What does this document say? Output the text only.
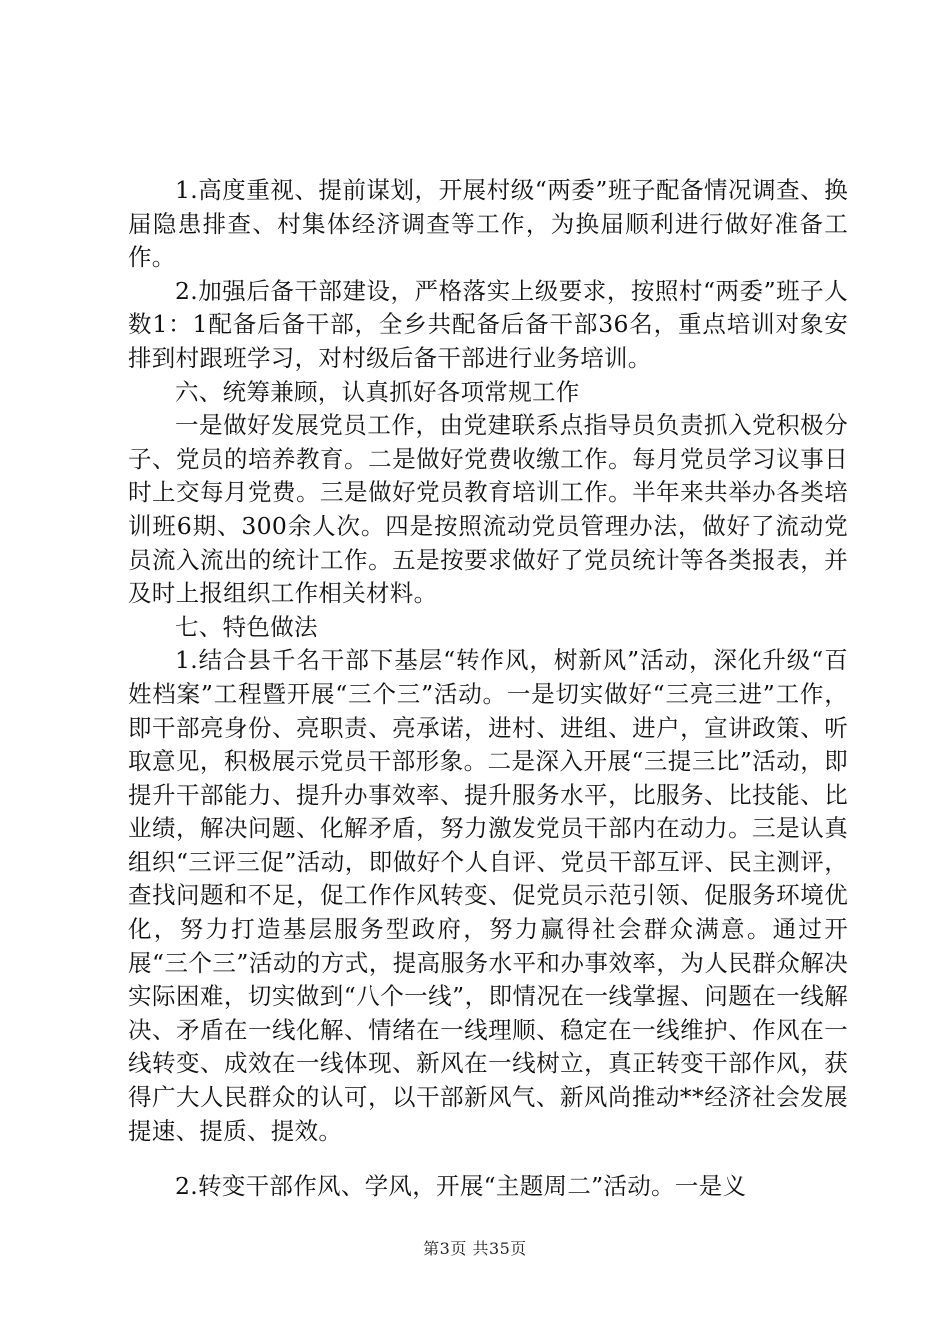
1.高度重视、提前谋划，开展村级“两委”班子配备情况调查、换届隐患排查、村集体经济调查等工作，为换届顺利进行做好准备工作。

2.加强后备干部建设，严格落实上级要求，按照村“两委”班子人数1：1配备后备干部，全乡共配备后备干部36名，重点培训对象安排到村跟班学习，对村级后备干部进行业务培训。

六、统筹兼顾，认真抓好各项常规工作

一是做好发展党员工作，由党建联系点指导员负责抓入党积极分子、党员的培养教育。二是做好党费收缴工作。每月党员学习议事日时上交每月党费。三是做好党员教育培训工作。半年来共举办各类培训班6期、300余人次。四是按照流动党员管理办法，做好了流动党员流入流出的统计工作。五是按要求做好了党员统计等各类报表，并及时上报组织工作相关材料。

七、特色做法

1.结合县千名干部下基层“转作风，树新风”活动，深化升级“百姓档案”工程暨开展“三个三”活动。一是切实做好“三亮三进”工作，即干部亮身份、亮职责、亮承诺，进村、进组、进户，宣讲政策、听取意见，积极展示党员干部形象。二是深入开展“三提三比”活动，即提升干部能力、提升办事效率、提升服务水平，比服务、比技能、比业绩，解决问题、化解矛盾，努力激发党员干部内在动力。三是认真组织“三评三促”活动，即做好个人自评、党员干部互评、民主测评，查找问题和不足，促工作作风转变、促党员示范引领、促服务环境优化，努力打造基层服务型政府，努力赢得社会群众满意。通过开展“三个三”活动的方式，提高服务水平和办事效率，为人民群众解决实际困难，切实做到“八个一线”，即情况在一线掌握、问题在一线解决、矛盾在一线化解、情绪在一线理顺、稳定在一线维护、作风在一线转变、成效在一线体现、新风在一线树立，真正转变干部作风，获得广大人民群众的认可，以干部新风气、新风尚推动**经济社会发展提速、提质、提效。

2.转变干部作风、学风，开展“主题周二”活动。一是义

第3页 共35页
